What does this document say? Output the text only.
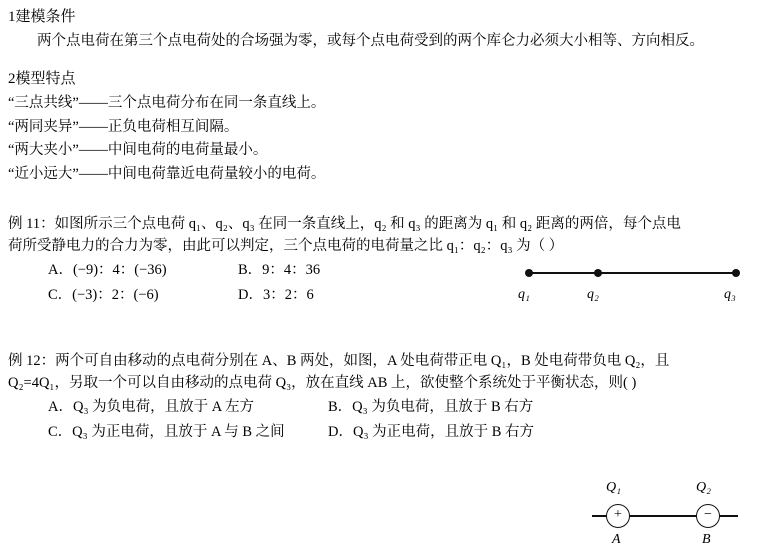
1建模条件
两个点电荷在第三个点电荷处的合场强为零，或每个点电荷受到的两个库仑力必须大小相等、方向相反。
2模型特点
“三点共线”——三个点电荷分布在同一条直线上。
“两同夹异”——正负电荷相互间隔。
“两大夹小”——中间电荷的电荷量最小。
“近小远大”——中间电荷靠近电荷量较小的电荷。
例 11：如图所示三个点电荷 q₁、q₂、q₃ 在同一条直线上，q₂ 和 q₃ 的距离为 q₁ 和 q₂ 距离的两倍，每个点电
荷所受静电力的合力为零，由此可以判定，三个点电荷的电荷量之比 q₁：q₂：q₃ 为（ ）
A．(−9)：4：(−36)	B．9：4：36
C．(−3)：2：(−6)	D．3：2：6	q₁	q₂	q₃
例 12：两个可自由移动的点电荷分别在 A、B 两处，如图，A 处电荷带正电 Q₁，B 处电荷带负电 Q₂，且
Q₂=4Q₁，另取一个可以自由移动的点电荷 Q₃，放在直线 AB 上，欲使整个系统处于平衡状态，则( )
A．Q₃ 为负电荷，且放于 A 左方	B．Q₃ 为负电荷，且放于 B 右方
C．Q₃ 为正电荷，且放于 A 与 B 之间	D．Q₃ 为正电荷，且放于 B 右方
Q₁	Q₂
+	−
A	B
